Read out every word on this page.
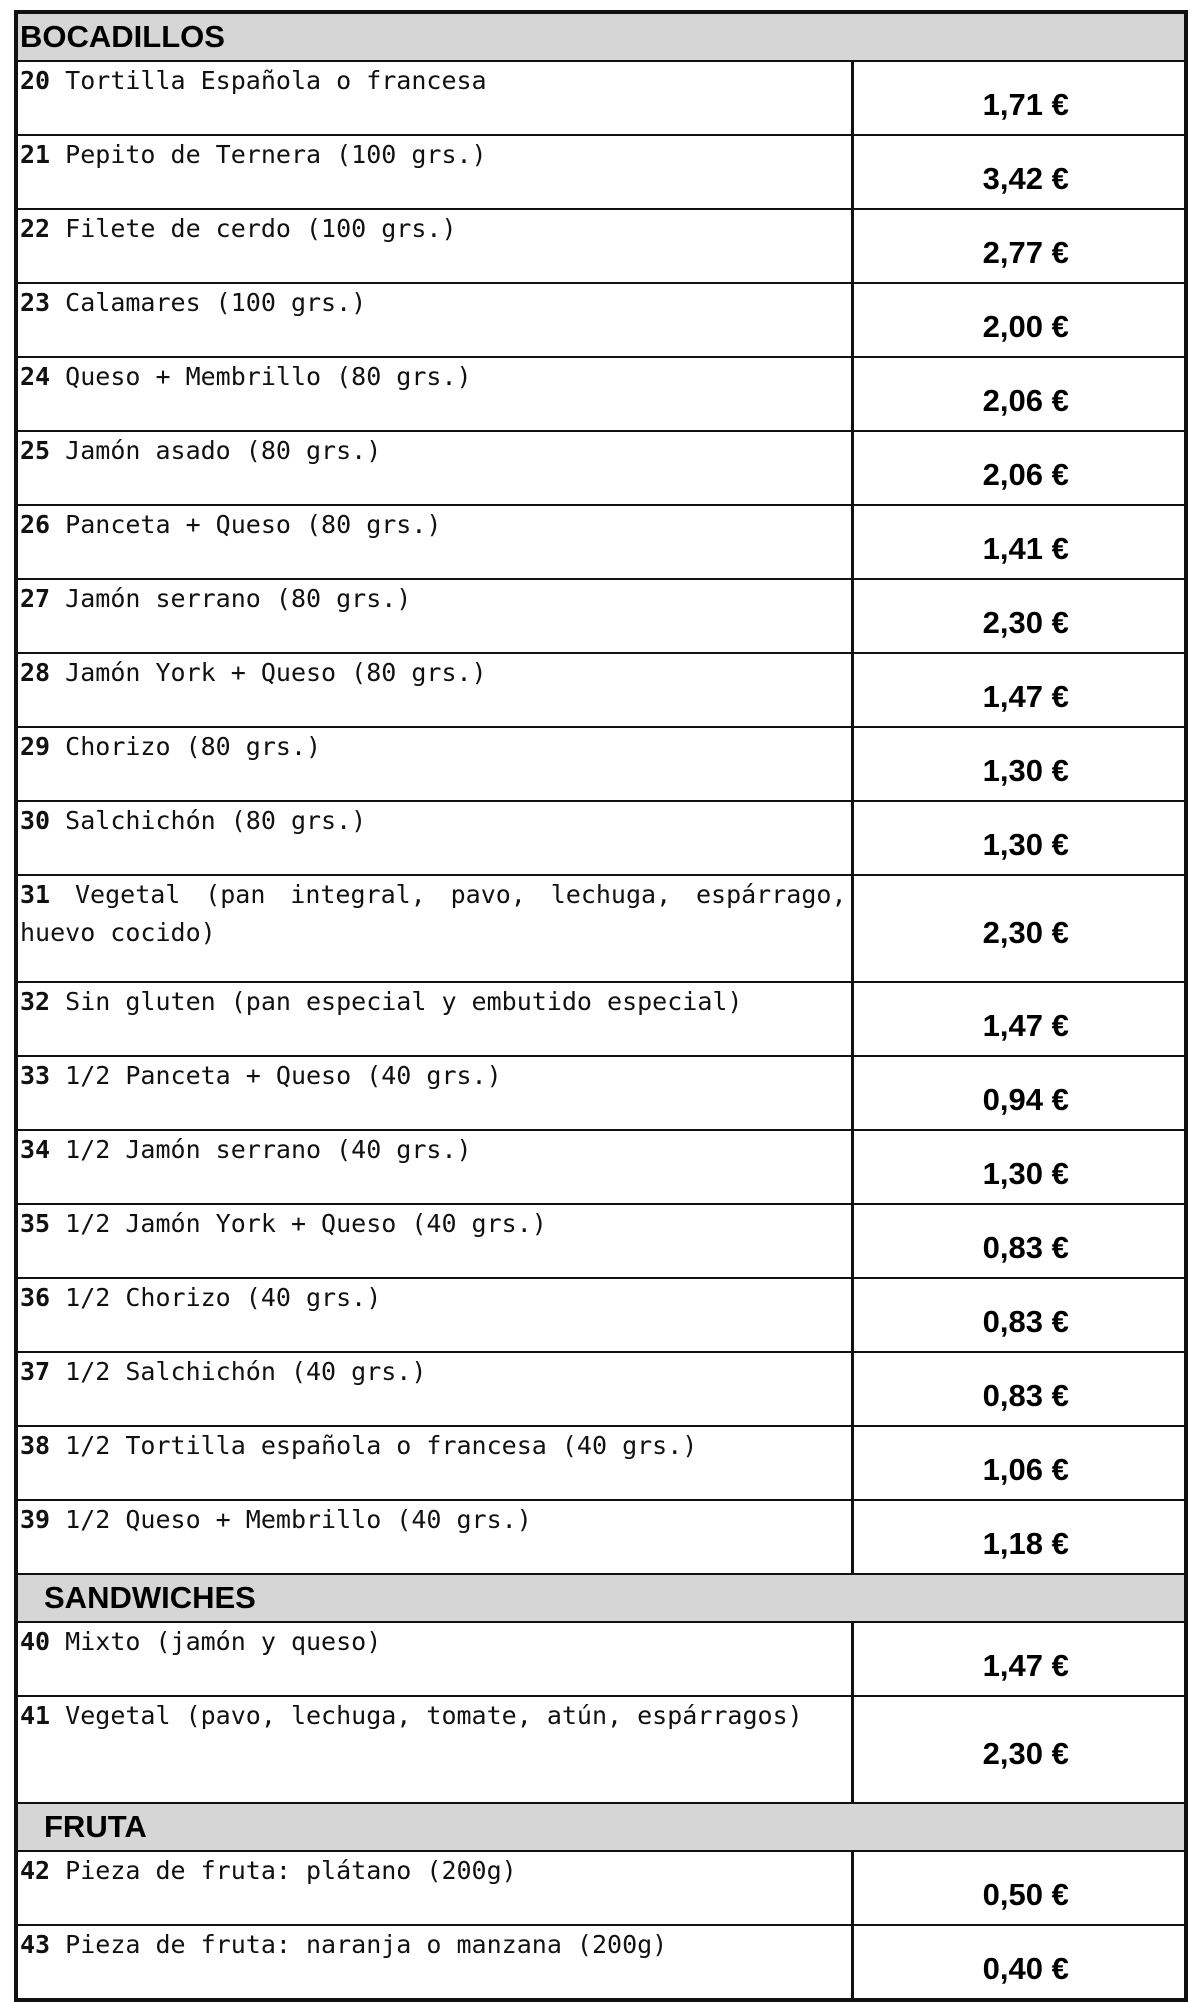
BOCADILLOS	
20 Tortilla Española o francesa	1,71 €
21 Pepito de Ternera (100 grs.)	3,42 €
22 Filete de cerdo (100 grs.)	2,77 €
23 Calamares (100 grs.)	2,00 €
24 Queso + Membrillo (80 grs.)	2,06 €
25 Jamón asado (80 grs.)	2,06 €
26 Panceta + Queso (80 grs.)	1,41 €
27 Jamón serrano (80 grs.)	2,30 €
28 Jamón York + Queso (80 grs.)	1,47 €
29 Chorizo (80 grs.)	1,30 €
30 Salchichón (80 grs.)	1,30 €
31 Vegetal (pan integral, pavo, lechuga, espárrago, huevo cocido)	2,30 €
32 Sin gluten (pan especial y embutido especial)	1,47 €
33 1/2 Panceta + Queso (40 grs.)	0,94 €
34 1/2 Jamón serrano (40 grs.)	1,30 €
35 1/2 Jamón York + Queso (40 grs.)	0,83 €
36 1/2 Chorizo (40 grs.)	0,83 €
37 1/2 Salchichón (40 grs.)	0,83 €
38 1/2 Tortilla española o francesa (40 grs.)	1,06 €
39 1/2 Queso + Membrillo (40 grs.)	1,18 €
SANDWICHES	
40 Mixto (jamón y queso)	1,47 €
41 Vegetal (pavo, lechuga, tomate, atún, espárragos)	2,30 €
FRUTA	
42 Pieza de fruta: plátano (200g)	0,50 €
43 Pieza de fruta: naranja o manzana (200g)	0,40 €
